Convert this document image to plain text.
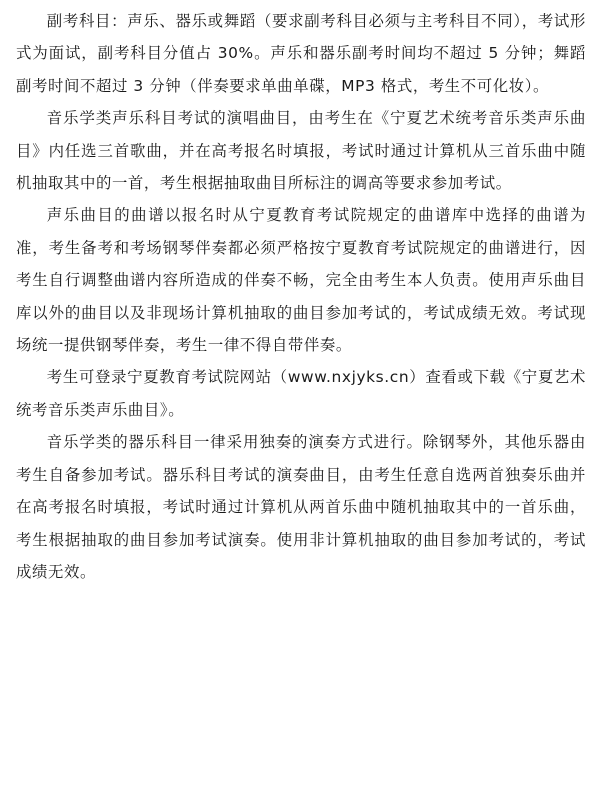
副考科目：声乐、器乐或舞蹈（要求副考科目必须与主考科目不同），考试形式为面试，副考科目分值占 30%。声乐和器乐副考时间均不超过 5 分钟；舞蹈副考时间不超过 3 分钟（伴奏要求单曲单碟，MP3 格式，考生不可化妆）。

音乐学类声乐科目考试的演唱曲目，由考生在《宁夏艺术统考音乐类声乐曲目》内任选三首歌曲，并在高考报名时填报，考试时通过计算机从三首乐曲中随机抽取其中的一首，考生根据抽取曲目所标注的调高等要求参加考试。

声乐曲目的曲谱以报名时从宁夏教育考试院规定的曲谱库中选择的曲谱为准，考生备考和考场钢琴伴奏都必须严格按宁夏教育考试院规定的曲谱进行，因考生自行调整曲谱内容所造成的伴奏不畅，完全由考生本人负责。使用声乐曲目库以外的曲目以及非现场计算机抽取的曲目参加考试的，考试成绩无效。考试现场统一提供钢琴伴奏，考生一律不得自带伴奏。

考生可登录宁夏教育考试院网站（www.nxjyks.cn）查看或下载《宁夏艺术统考音乐类声乐曲目》。

音乐学类的器乐科目一律采用独奏的演奏方式进行。除钢琴外，其他乐器由考生自备参加考试。器乐科目考试的演奏曲目，由考生任意自选两首独奏乐曲并在高考报名时填报，考试时通过计算机从两首乐曲中随机抽取其中的一首乐曲，考生根据抽取的曲目参加考试演奏。使用非计算机抽取的曲目参加考试的，考试成绩无效。
